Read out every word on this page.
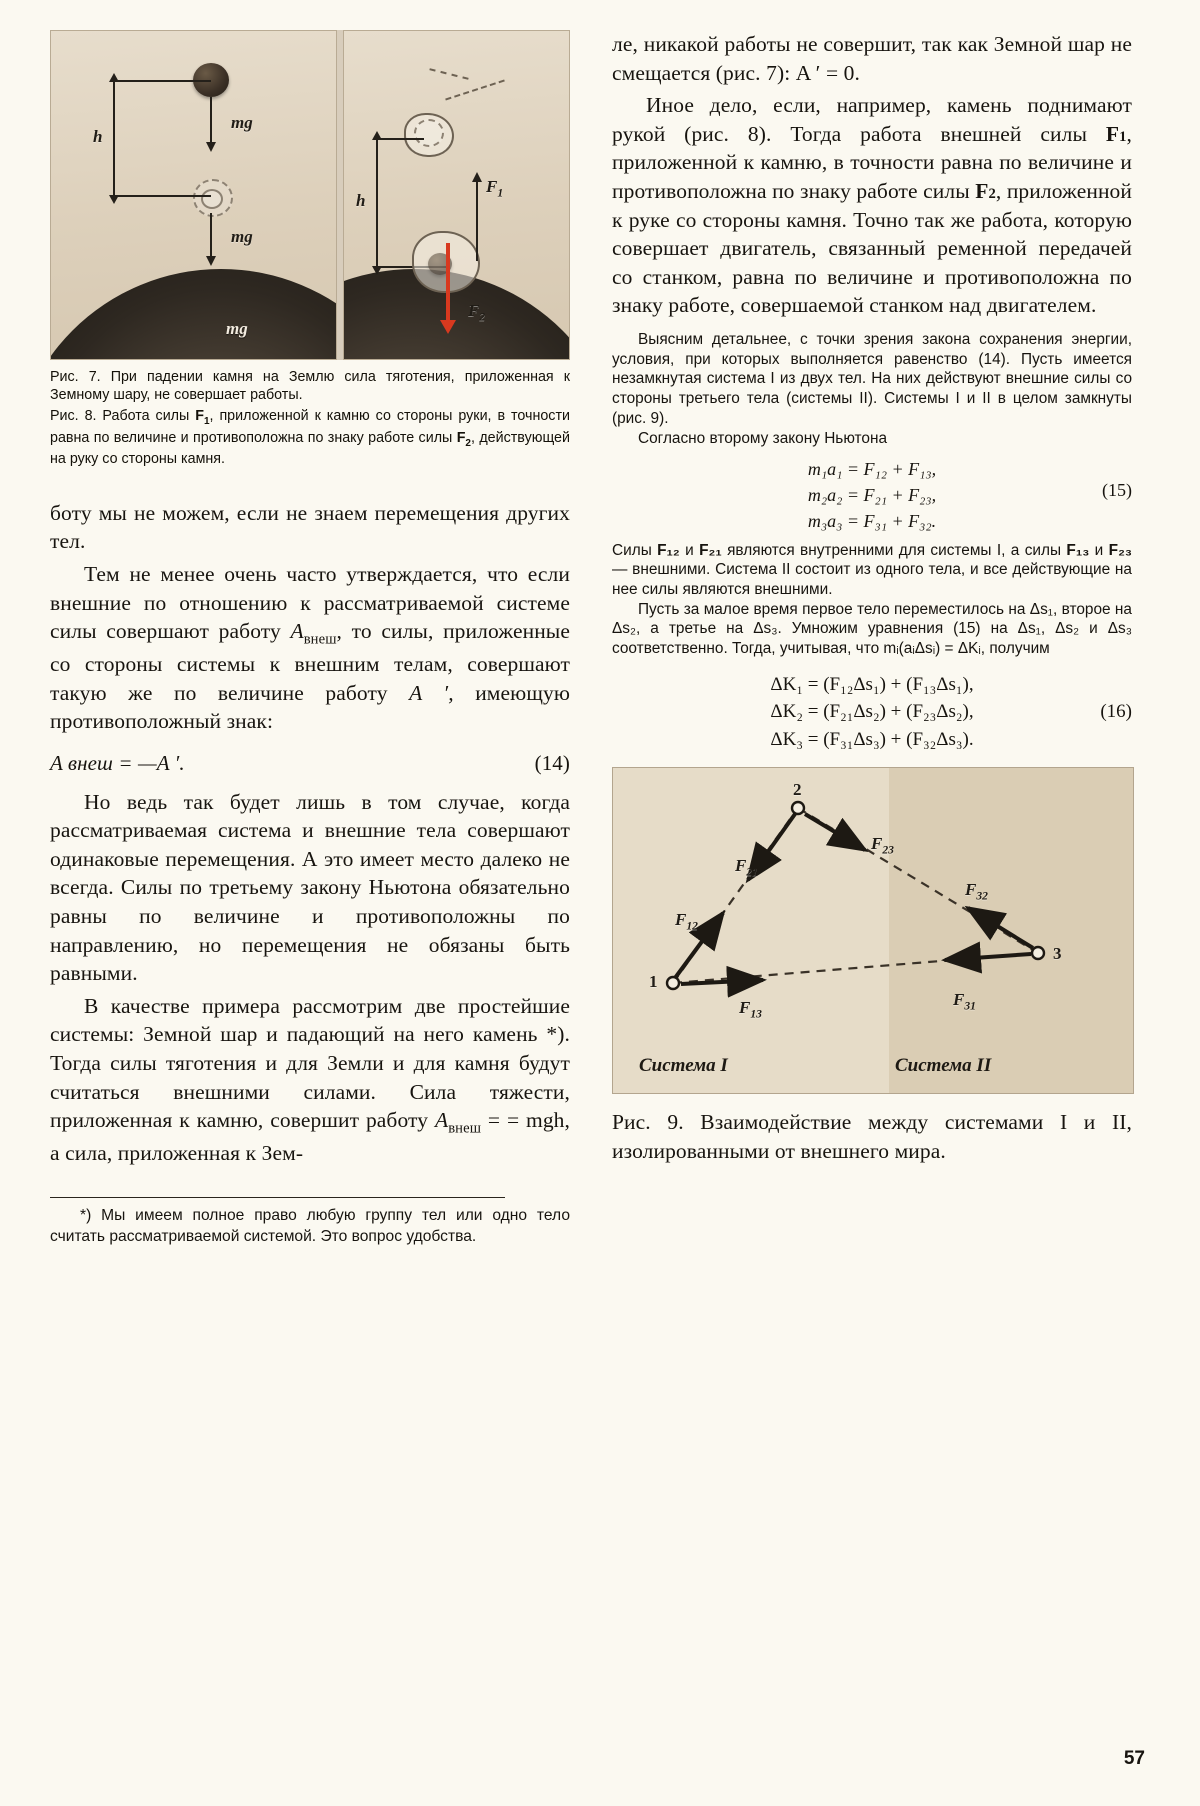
mg
mg
h
mg
h
$F_1$
$F_2$
Рис. 7. При падении камня на Землю сила тяготения, приложенная к Земному шару, не совершает работы.
Рис. 8. Работа силы $F_1$, приложенной к камню со стороны руки, в точности равна по величине и противоположна по знаку работе силы $F_2$, действующей на руку со стороны камня.

боту мы не можем, если не знаем перемещения других тел.

Тем не менее очень часто утверждается, что если внешние по отношению к рассматриваемой системе силы совершают работу $A_{внеш}$, то силы, приложенные со стороны системы к внешним телам, совершают такую же по величине работу A ′, имеющую противоположный знак:

A внеш = —A ′.	(14)

Но ведь так будет лишь в том случае, когда рассматриваемая система и внешние тела совершают одинаковые перемещения. А это имеет место далеко не всегда. Силы по третьему закону Ньютона обязательно равны по величине и противоположны по направлению, но перемещения не обязаны быть равными.

В качестве примера рассмотрим две простейшие системы: Земной шар и падающий на него камень *). Тогда силы тяготения и для Земли и для камня будут считаться внешними силами. Сила тяжести, приложенная к камню, совершит работу $A_{внеш}$ = = mgh, а сила, приложенная к Зем-

*) Мы имеем полное право любую группу тел или одно тело считать рассматриваемой системой. Это вопрос удобства.

ле, никакой работы не совершит, так как Земной шар не смещается (рис. 7): A ′ = 0.

Иное дело, если, например, камень поднимают рукой (рис. 8). Тогда работа внешней силы F1, приложенной к камню, в точности равна по величине и противоположна по знаку работе силы F2, приложенной к руке со стороны камня. Точно так же работа, которую совершает двигатель, связанный ременной передачей со станком, равна по величине и противоположна по знаку работе, совершаемой станком над двигателем.

Выясним детальнее, с точки зрения закона сохранения энергии, условия, при которых выполняется равенство (14). Пусть имеется незамкнутая система I из двух тел. На них действуют внешние силы со стороны третьего тела (системы II). Системы I и II в целом замкнуты (рис. 9).

Согласно второму закону Ньютона

m₁a₁ = F₁₂ + F₁₃,
m₂a₂ = F₂₁ + F₂₃,
m₃a₃ = F₃₁ + F₃₂.
(15)

Силы F₁₂ и F₂₁ являются внутренними для системы I, а силы F₁₃ и F₂₃ — внешними. Система II состоит из одного тела, и все действующие на нее силы являются внешними.

Пусть за малое время первое тело переместилось на Δs₁, второе на Δs₂, а третье на Δs₃. Умножим уравнения (15) на Δs₁, Δs₂ и Δs₃ соответственно. Тогда, учитывая, что mᵢ(aᵢΔsᵢ) = ΔKᵢ, получим

ΔK₁ = (F₁₂Δs₁) + (F₁₃Δs₁),
ΔK₂ = (F₂₁Δs₂) + (F₂₃Δs₂),
ΔK₃ = (F₃₁Δs₃) + (F₃₂Δs₃).
(16)
1
2
3
$F_{12}$
$F_{21}$
$F_{23}$
$F_{32}$
$F_{13}$
$F_{31}$
Система I	Система II

Рис. 9. Взаимодействие между системами I и II, изолированными от внешнего мира.

57
